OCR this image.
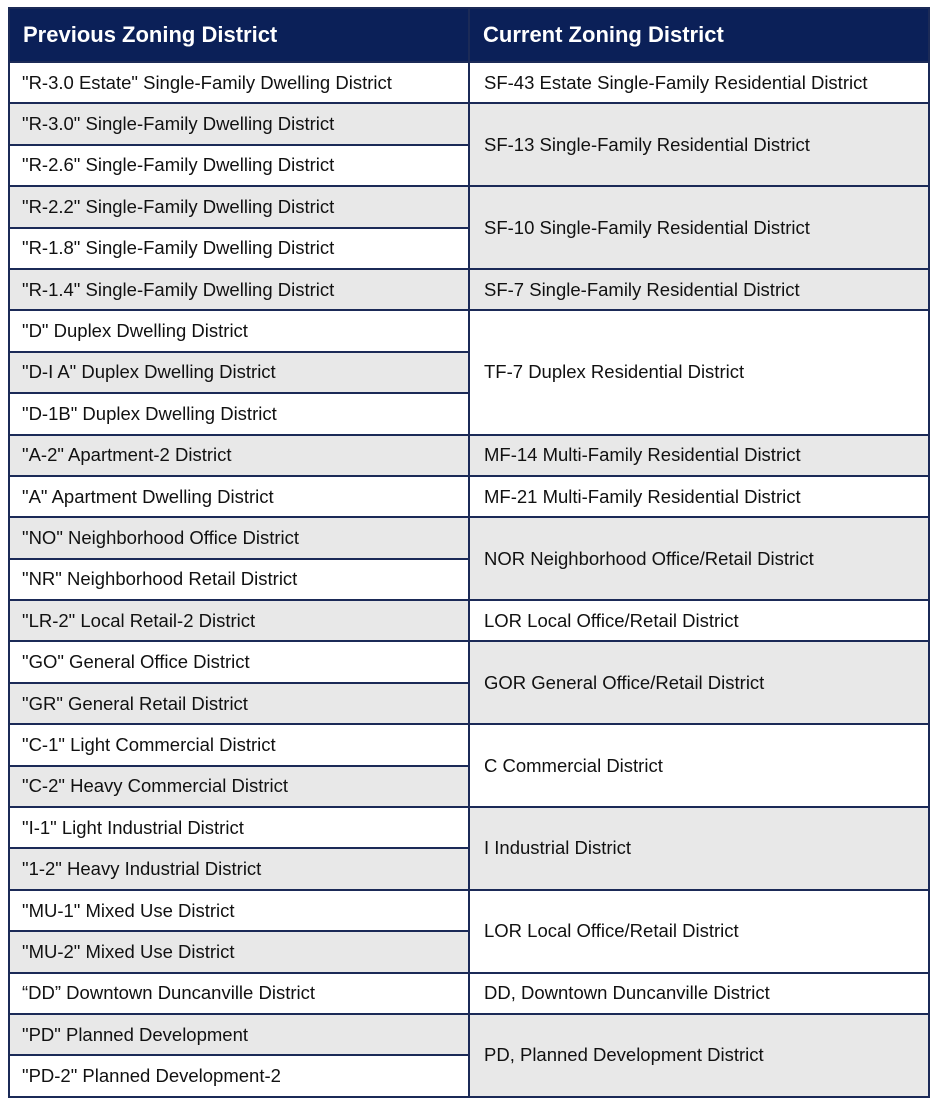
Previous Zoning District	Current Zoning District
"R-3.0 Estate" Single-Family Dwelling District	SF-43 Estate Single-Family Residential District
"R-3.0" Single-Family Dwelling District	SF-13 Single-Family Residential District
"R-2.6" Single-Family Dwelling District	
"R-2.2" Single-Family Dwelling District	SF-10 Single-Family Residential District
"R-1.8" Single-Family Dwelling District	
"R-1.4" Single-Family Dwelling District	SF-7 Single-Family Residential District
"D" Duplex Dwelling District	TF-7 Duplex Residential District
"D-I A" Duplex Dwelling District	
"D-1B" Duplex Dwelling District	
"A-2" Apartment-2 District	MF-14 Multi-Family Residential District
"A" Apartment Dwelling District	MF-21 Multi-Family Residential District
"NO" Neighborhood Office District	NOR Neighborhood Office/Retail District
"NR" Neighborhood Retail District	
"LR-2" Local Retail-2 District	LOR Local Office/Retail District
"GO" General Office District	GOR General Office/Retail District
"GR" General Retail District	
"C-1" Light Commercial District	C Commercial District
"C-2" Heavy Commercial District	
"I-1" Light Industrial District	I Industrial District
"1-2" Heavy Industrial District	
"MU-1" Mixed Use District	LOR Local Office/Retail District
"MU-2" Mixed Use District	
“DD” Downtown Duncanville District	DD, Downtown Duncanville District
"PD" Planned Development	PD, Planned Development District
"PD-2" Planned Development-2	
